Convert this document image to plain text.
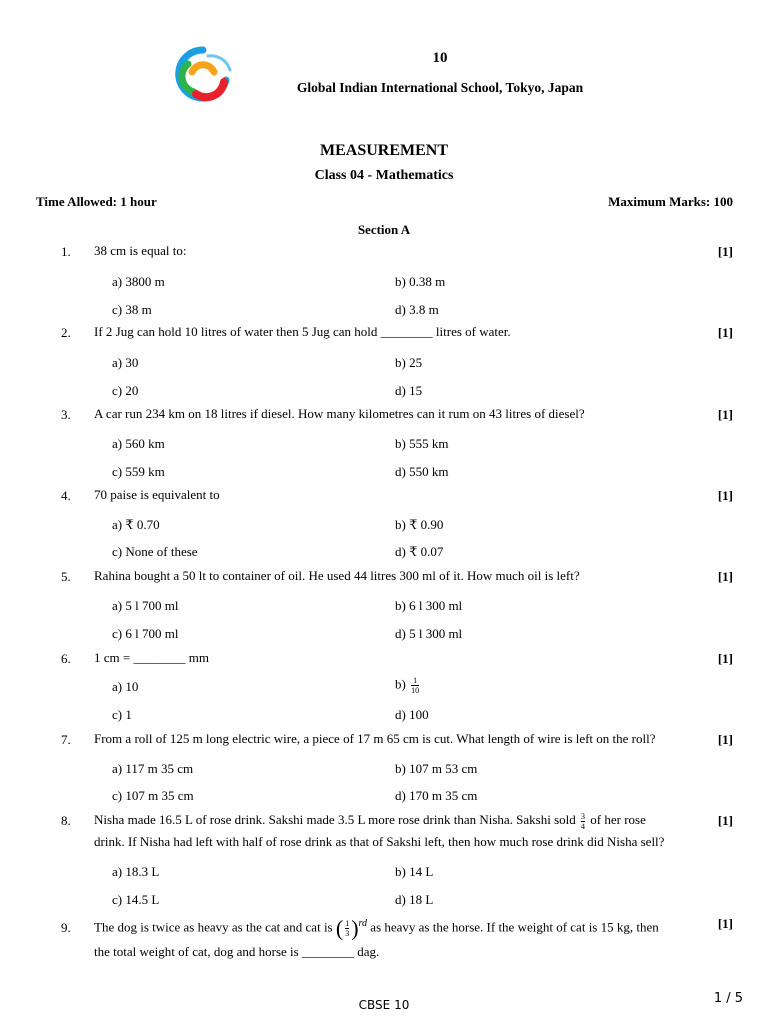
10
Global Indian International School, Tokyo, Japan
MEASUREMENT
Class 04 - Mathematics
Time Allowed: 1 hour	Maximum Marks: 100
Section A
1. 38 cm is equal to:	[1]
a) 3800 m	b) 0.38 m
c) 38 m	d) 3.8 m
2. If 2 Jug can hold 10 litres of water then 5 Jug can hold ________ litres of water.	[1]
a) 30	b) 25
c) 20	d) 15
3. A car run 234 km on 18 litres if diesel. How many kilometres can it rum on 43 litres of diesel?	[1]
a) 560 km	b) 555 km
c) 559 km	d) 550 km
4. 70 paise is equivalent to	[1]
a) ₹ 0.70	b) ₹ 0.90
c) None of these	d) ₹ 0.07
5. Rahina bought a 50 lt to container of oil. He used 44 litres 300 ml of it. How much oil is left?	[1]
a) 5 l 700 ml	b) 6 l 300 ml
c) 6 l 700 ml	d) 5 l 300 ml
6. 1 cm = ________ mm	[1]
a) 10	$b) \frac{1}{10}$
c) 1	d) 100
7. From a roll of 125 m long electric wire, a piece of 17 m 65 cm is cut. What length of wire is left on the roll?	[1]
a) 117 m 35 cm	b) 107 m 53 cm
c) 107 m 35 cm	d) 170 m 35 cm
8. Nisha made 16.5 L of rose drink. Sakshi made 3.5 L more rose drink than Nisha. Sakshi sold $\frac{3}{4}$ of her rose
drink. If Nisha had left with half of rose drink as that of Sakshi left, then how much rose drink did Nisha sell?
[1]
a) 18.3 L	b) 14 L
c) 14.5 L	d) 18 L
9. The dog is twice as heavy as the cat and cat is ( $\frac{1}{3} )^{rd}$ as heavy as the horse. If the weight of cat is 15 kg, then
the total weight of cat, dog and horse is ________ dag.
[1]
CBSE 10	1 / 5
